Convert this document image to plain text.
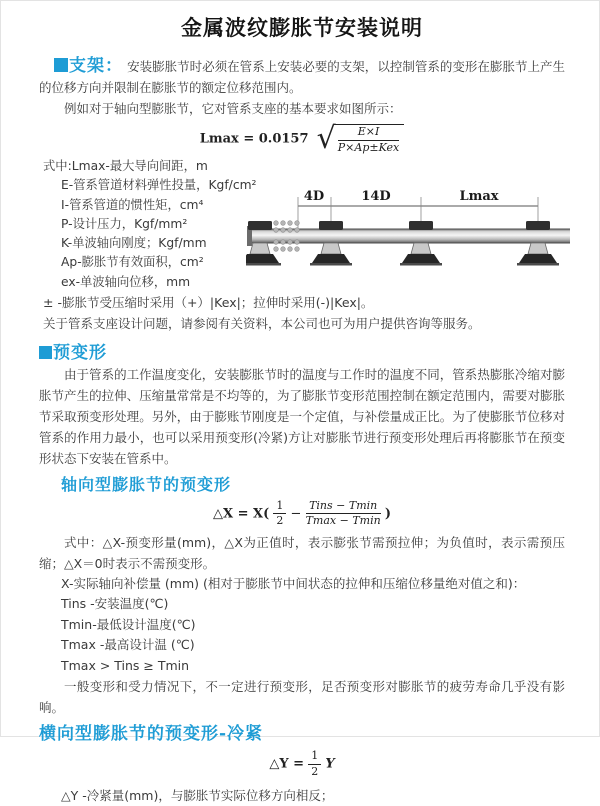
金属波纹膨胀节安装说明

支架： 安装膨胀节时必须在管系上安装必要的支架，以控制管系的变形在膨胀节上产生的位移方向并限制在膨胀节的额定位移范围内。

例如对于轴向型膨胀节，它对管系支座的基本要求如图所示：

Lmax = 0.0157 √ $\frac{E\times I}{\text{P×Ap±Kex}}$
式中:Lmax-最大导向间距，m
E-管系管道材料弹性投量，Kgf/cm²
I-管系管道的惯性矩，cm⁴
P-设计压力，Kgf/mm²
K-单波轴向刚度；Kgf/mm
Ap-膨胀节有效面积，cm²
ex-单波轴向位移，mm
4D	14D	Lmax
± -膨胀节受压缩时采用（+）|Kex|；拉伸时采用(-)|Kex|。
关于管系支座设计问题，请参阅有关资料，本公司也可为用户提供咨询等服务。

预变形

由于管系的工作温度变化，安装膨胀节时的温度与工作时的温度不同，管系热膨胀冷缩对膨胀节产生的拉伸、压缩量常常是不均等的，为了膨胀节变形范围控制在额定范围内，需要对膨胀节采取预变形处理。另外，由于膨账节刚度是一个定值，与补偿量成正比。为了使膨胀节位移对管系的作用力最小，也可以采用预变形(冷紧)方让对膨胀节进行预变形处理后再将膨胀节在预变形状态下安装在管系中。

轴向型膨胀节的预变形
△X = $X( \frac{1}{2} - \frac{\text{Tins − Tmin}}{Tmax - Tmin}$ )

式中：△X-预变形量(mm)，△X为正值时，表示膨张节需预拉伸；为负值时，表示需预压缩；△X＝0时表示不需预变形。

X-实际轴向补偿量 (mm) (相对于膨胀节中间状态的拉伸和压缩位移量绝对值之和)：
Tins -安装温度(℃)
Tmin-最低设计温度(℃)
Tmax -最高设计温 (℃)
Tmax > Tins ≥ Tmin

一般变形和受力情况下，不一定进行预变形，足否预变形对膨胀节的疲劳寿命几乎没有影响。

横向型膨胀节的预变形-冷紧
△Y = $\frac{1}{2}$ Y
△Y -冷紧量(mm)，与膨胀节实际位移方向相反；
